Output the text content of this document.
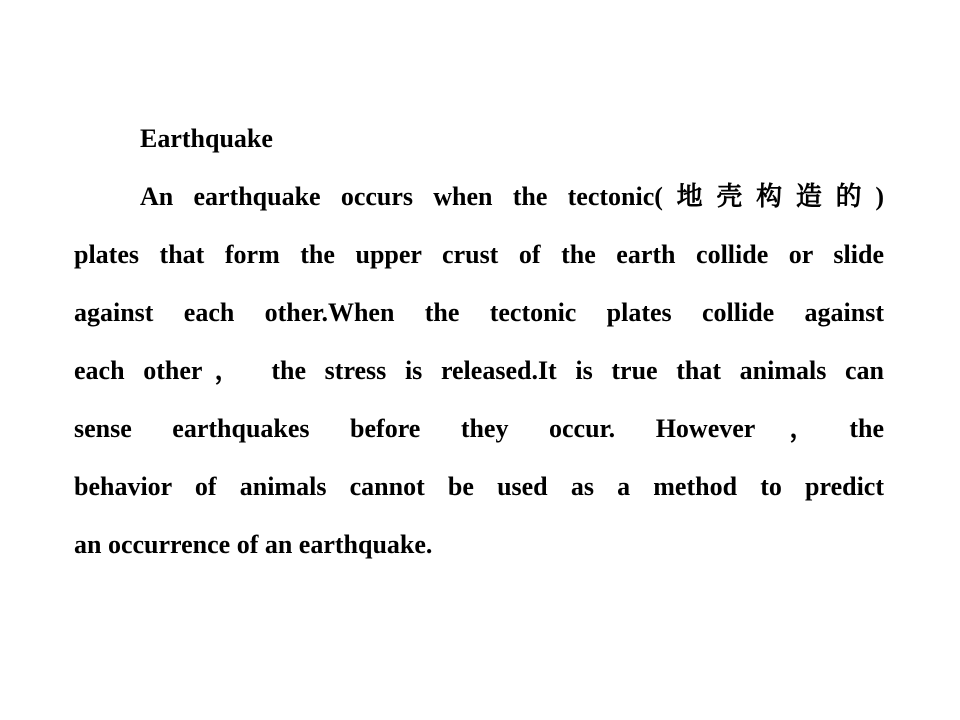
Earthquake

An earthquake occurs when the tectonic(地壳构造的)

plates that form the upper crust of the earth collide or slide

against each other.When the tectonic plates collide against

each other， the stress is released.It is true that animals can

sense earthquakes before they occur. However，the

behavior of animals cannot be used as a method to predict

an occurrence of an earthquake.
